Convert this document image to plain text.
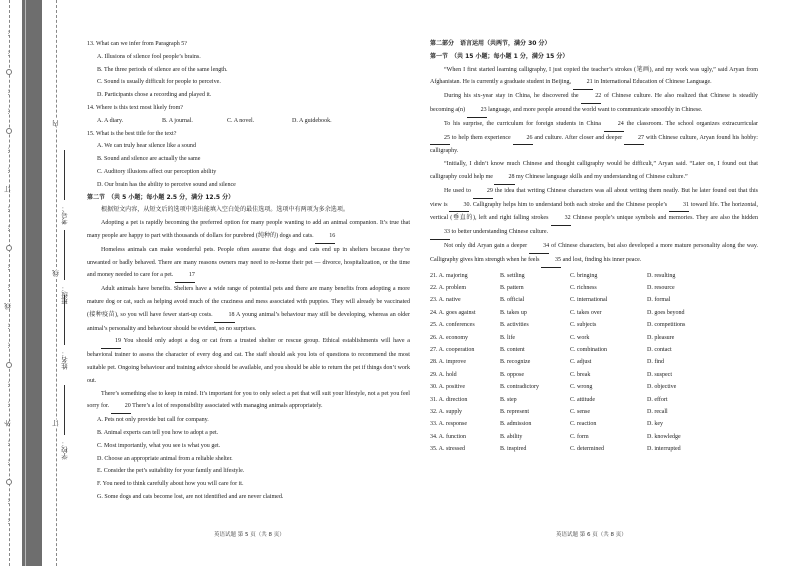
…
…
…
…
…
…
订
…
…
…
…
线
…
…
…
…
外
…
…
…
…
内
线
订
学校：
姓名：
班级：
考号：

13. What can we infer from Paragraph 5?

A. Illusions of silence fool people’s brains.

B. The three periods of silence are of the same length.

C. Sound is usually difficult for people to perceive.

D. Participants chose a recording and played it.

14. Where is this text most likely from?

A. A diary.	B. A journal.	C. A novel.	D. A guidebook.

15. What is the best title for the text?

A. We can truly hear silence like a sound

B. Sound and silence are actually the same

C. Auditory illusions affect our perception ability

D. Our brain has the ability to perceive sound and silence

第二节　（共 5 小题；每小题 2.5 分，满分 12.5 分）

根据短文内容，从短文后的选项中选出能填入空白处的最佳选项。选项中有两项为多余选项。

Adopting a pet is rapidly becoming the preferred option for many people wanting to add an animal companion. It’s true that many people are happy to part with thousands of dollars for purebred (纯种的) dogs and cats. 16

Homeless animals can make wonderful pets. People often assume that dogs and cats end up in shelters because they’re unwanted or badly behaved. There are many reasons owners may need to re-home their pet — divorce, hospitalization, or the time and money needed to care for a pet. 17

Adult animals have benefits. Shelters have a wide range of potential pets and there are many benefits from adopting a more mature dog or cat, such as helping avoid much of the craziness and mess associated with puppies. They will already be vaccinated (接种疫苗), so you will have fewer start-up costs. 18 A young animal’s behaviour may still be developing, whereas an older animal’s personality and behaviour should be evident, so no surprises.

19 You should only adopt a dog or cat from a trusted shelter or rescue group. Ethical establishments will have a behavioral trainer to assess the character of every dog and cat. The staff should ask you lots of questions to recommend the most suitable pet. Ongoing behaviour and training advice should be available, and you should be able to return the pet if things don’t work out.

There’s something else to keep in mind. It’s important for you to only select a pet that will suit your lifestyle, not a pet you feel sorry for. 20 There’s a lot of responsibility associated with managing animals appropriately.

A. Pets not only provide but call for company.

B. Animal experts can tell you how to adopt a pet.

C. Most importantly, what you see is what you get.

D. Choose an appropriate animal from a reliable shelter.

E. Consider the pet’s suitability for your family and lifestyle.

F. You need to think carefully about how you will care for it.

G. Some dogs and cats become lost, are not identified and are never claimed.

英语试题 第 5 页（共 8 页）

第二部分　语言运用（共两节，满分 30 分）

第一节　（共 15 小题；每小题 1 分，满分 15 分）

“When I first started learning calligraphy, I just copied the teacher’s strokes (笔画), and my work was ugly,” said Aryan from Afghanistan. He is currently a graduate student in Beijing, 21 in International Education of Chinese Language.

During his six-year stay in China, he discovered the 22 of Chinese culture. He also realized that Chinese is steadily becoming a(n) 23 language, and more people around the world want to communicate smoothly in Chinese.

To his surprise, the curriculum for foreign students in China 24 the classroom. The school organizes extracurricular 25 to help them experience 26 and culture. After closer and deeper 27 with Chinese culture, Aryan found his hobby: calligraphy.

“Initially, I didn’t know much Chinese and thought calligraphy would be difficult,” Aryan said. “Later on, I found out that calligraphy could help me 28 my Chinese language skills and my understanding of Chinese culture.”

He used to 29 the idea that writing Chinese characters was all about writing them neatly. But he later found out that this view is 30. Calligraphy helps him to understand both each stroke and the Chinese people’s 31 toward life. The horizontal, vertical (垂直的), left and right falling strokes 32 Chinese people’s unique symbols and memories. They are also the hidden 33 to better understanding Chinese culture.

Not only did Aryan gain a deeper 34 of Chinese characters, but also developed a more mature personality along the way. Calligraphy gives him strength when he feels 35 and lost, finding his inner peace.

21. A. majoring	B. settling	C. bringing	D. resulting
22. A. problem	B. pattern	C. richness	D. resource
23. A. native	B. official	C. international	D. formal
24. A. goes against	B. takes up	C. takes over	D. goes beyond
25. A. conferences	B. activities	C. subjects	D. competitions
26. A. economy	B. life	C. work	D. pleasure
27. A. cooperation	B. content	C. combination	D. contact
28. A. improve	B. recognize	C. adjust	D. find
29. A. hold	B. oppose	C. break	D. suspect
30. A. positive	B. contradictory	C. wrong	D. objective
31. A. direction	B. step	C. attitude	D. effort
32. A. supply	B. represent	C. sense	D. recall
33. A. response	B. admission	C. reaction	D. key
34. A. function	B. ability	C. form	D. knowledge
35. A. stressed	B. inspired	C. determined	D. interrupted
英语试题 第 6 页（共 8 页）
